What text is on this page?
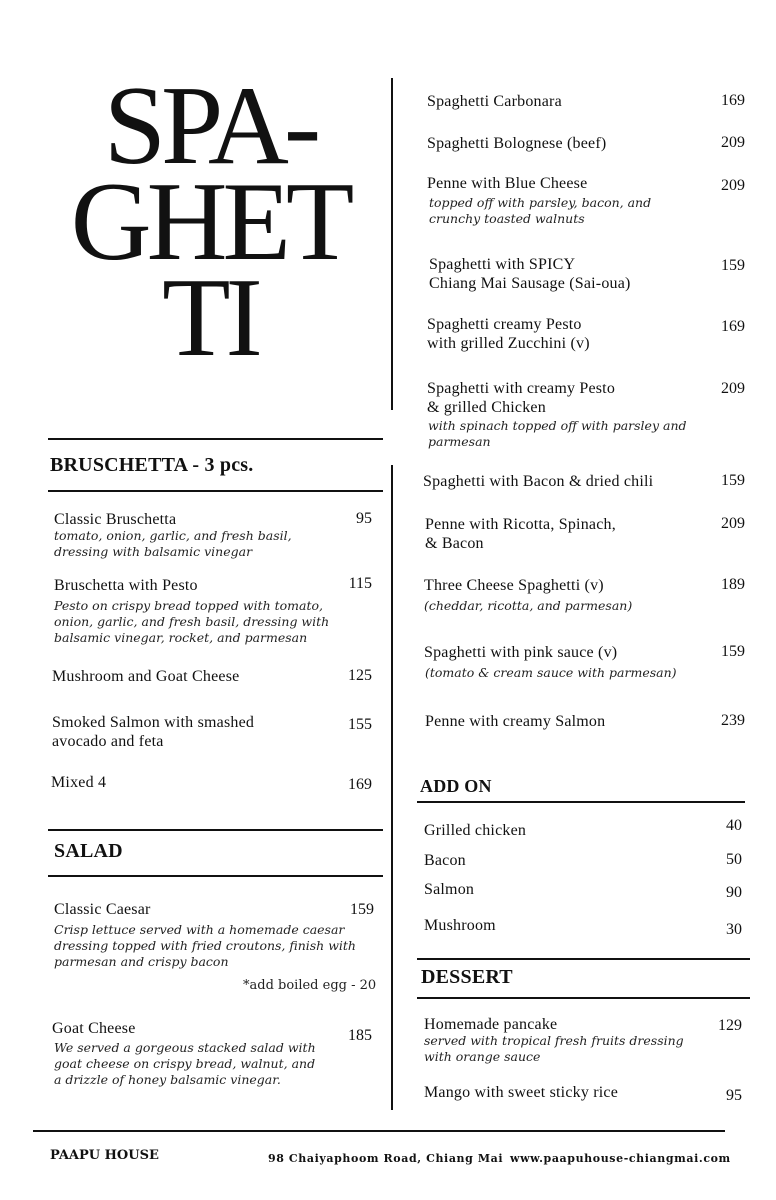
SPA-
GHET
TI
BRUSCHETTA - 3 pcs.
SALAD
ADD ON
DESSERT
Classic Bruschetta
tomato, onion, garlic, and fresh basil,
dressing with balsamic vinegar
95
Bruschetta with Pesto
Pesto on crispy bread topped with tomato,
onion, garlic, and fresh basil, dressing with
balsamic vinegar, rocket, and parmesan
115
Mushroom and Goat Cheese	125
Smoked Salmon with smashed
avocado and feta
155
Mixed 4	169
Classic Caesar
Crisp lettuce served with a homemade caesar
dressing topped with fried croutons, finish with
parmesan and crispy bacon
159
*add boiled egg - 20
Goat Cheese
We served a gorgeous stacked salad with
goat cheese on crispy bread, walnut, and
a drizzle of honey balsamic vinegar.
185
Spaghetti Carbonara	169
Spaghetti Bolognese (beef)	209
Penne with Blue Cheese
topped off with parsley, bacon, and
crunchy toasted walnuts
209
Spaghetti with SPICY
Chiang Mai Sausage (Sai-oua)
159
Spaghetti creamy Pesto
with grilled Zucchini (v)
169
Spaghetti with creamy Pesto
& grilled Chicken
with spinach topped off with parsley and
parmesan
209
Spaghetti with Bacon & dried chili	159
Penne with Ricotta, Spinach,
& Bacon
209
Three Cheese Spaghetti (v)
(cheddar, ricotta, and parmesan)
189
Spaghetti with pink sauce (v)
(tomato & cream sauce with parmesan)
159
Penne with creamy Salmon	239
Grilled chicken	40
Bacon	50
Salmon	90
Mushroom	30
Homemade pancake
served with tropical fresh fruits dressing
with orange sauce
129
Mango with sweet sticky rice	95
PAAPU HOUSE	98 Chaiyaphoom Road, Chiang Mai www.paapuhouse-chiangmai.com
